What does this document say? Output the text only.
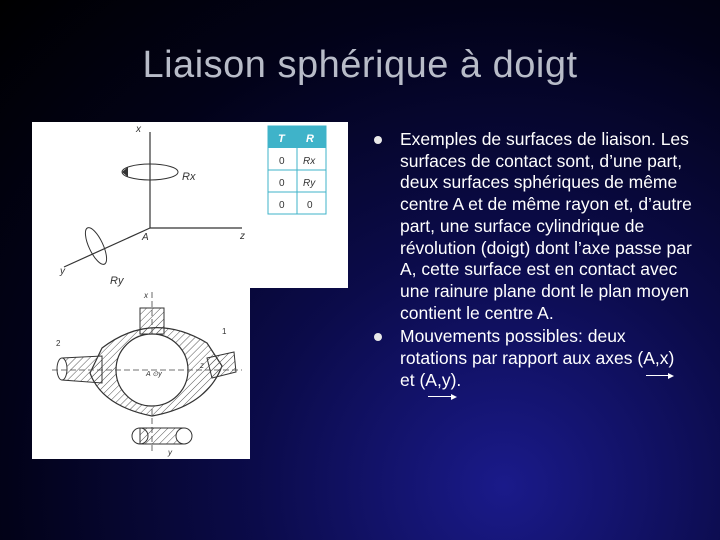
Liaison sphérique à doigt
x
y
z
A
Rx
Ry
T R
0 Rx
0 Ry
0 0
x
y
z
1
2
A ⊙y
Exemples de surfaces de liaison. Les surfaces de contact sont, d’une part, deux surfaces sphériques de même centre A et de même rayon et, d’autre part, une surface cylindrique de révolution (doigt) dont l’axe passe par A, cette surface est en contact avec une rainure plane dont le plan moyen contient le centre A.
Mouvements possibles: deux rotations par rapport aux axes (A,x) et (A,y).
